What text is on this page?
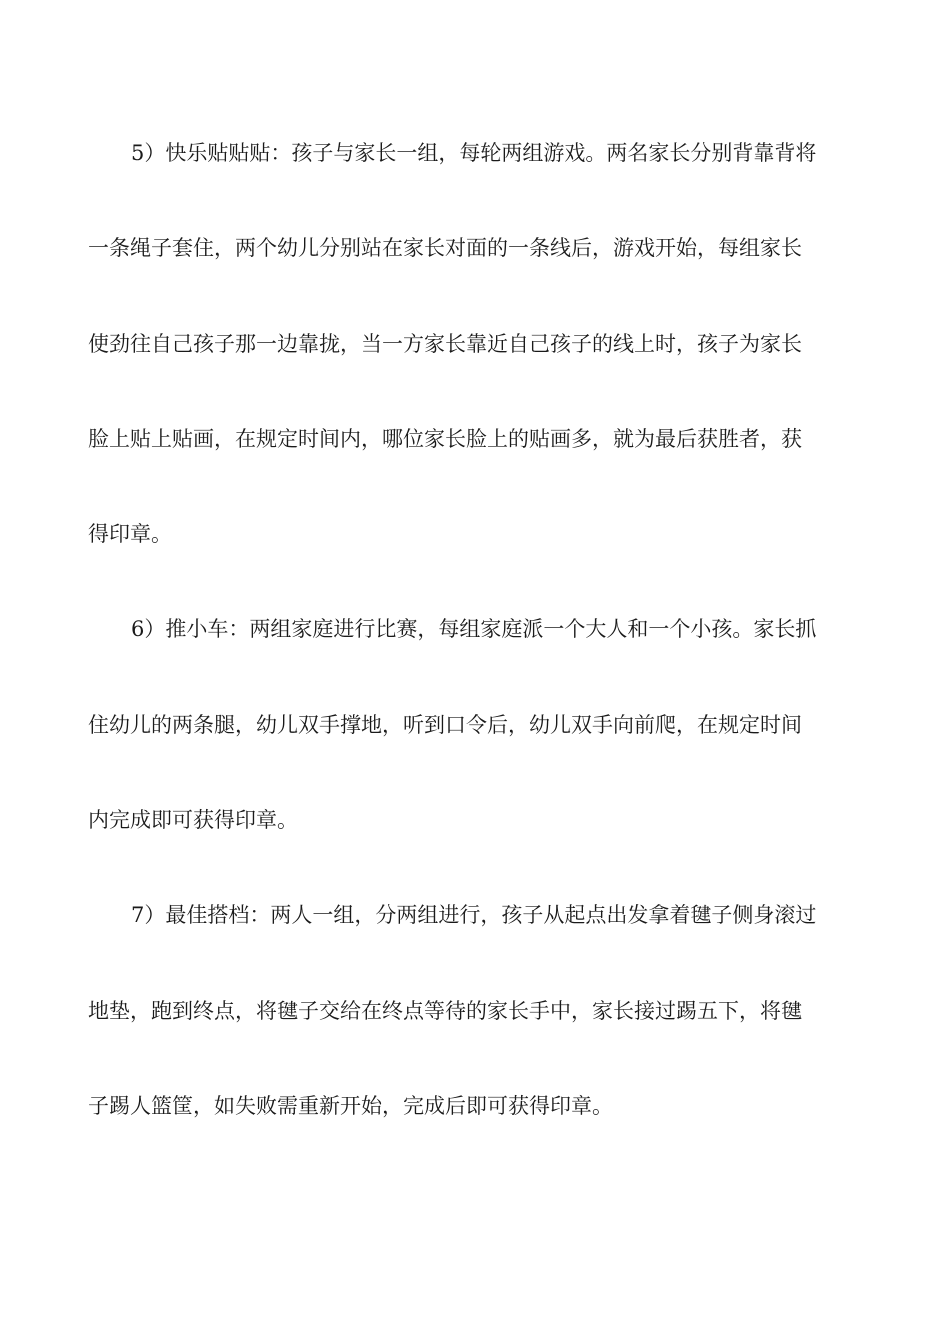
5）快乐贴贴贴：孩子与家长一组，每轮两组游戏。两名家长分别背靠背将
一条绳子套住，两个幼儿分别站在家长对面的一条线后，游戏开始，每组家长
使劲往自己孩子那一边靠拢，当一方家长靠近自己孩子的线上时，孩子为家长
脸上贴上贴画，在规定时间内，哪位家长脸上的贴画多，就为最后获胜者，获
得印章。
6）推小车：两组家庭进行比赛，每组家庭派一个大人和一个小孩。家长抓
住幼儿的两条腿，幼儿双手撑地，听到口令后，幼儿双手向前爬，在规定时间
内完成即可获得印章。
7）最佳搭档：两人一组，分两组进行，孩子从起点出发拿着毽子侧身滚过
地垫，跑到终点，将毽子交给在终点等待的家长手中，家长接过踢五下，将毽
子踢人篮筐，如失败需重新开始，完成后即可获得印章。
